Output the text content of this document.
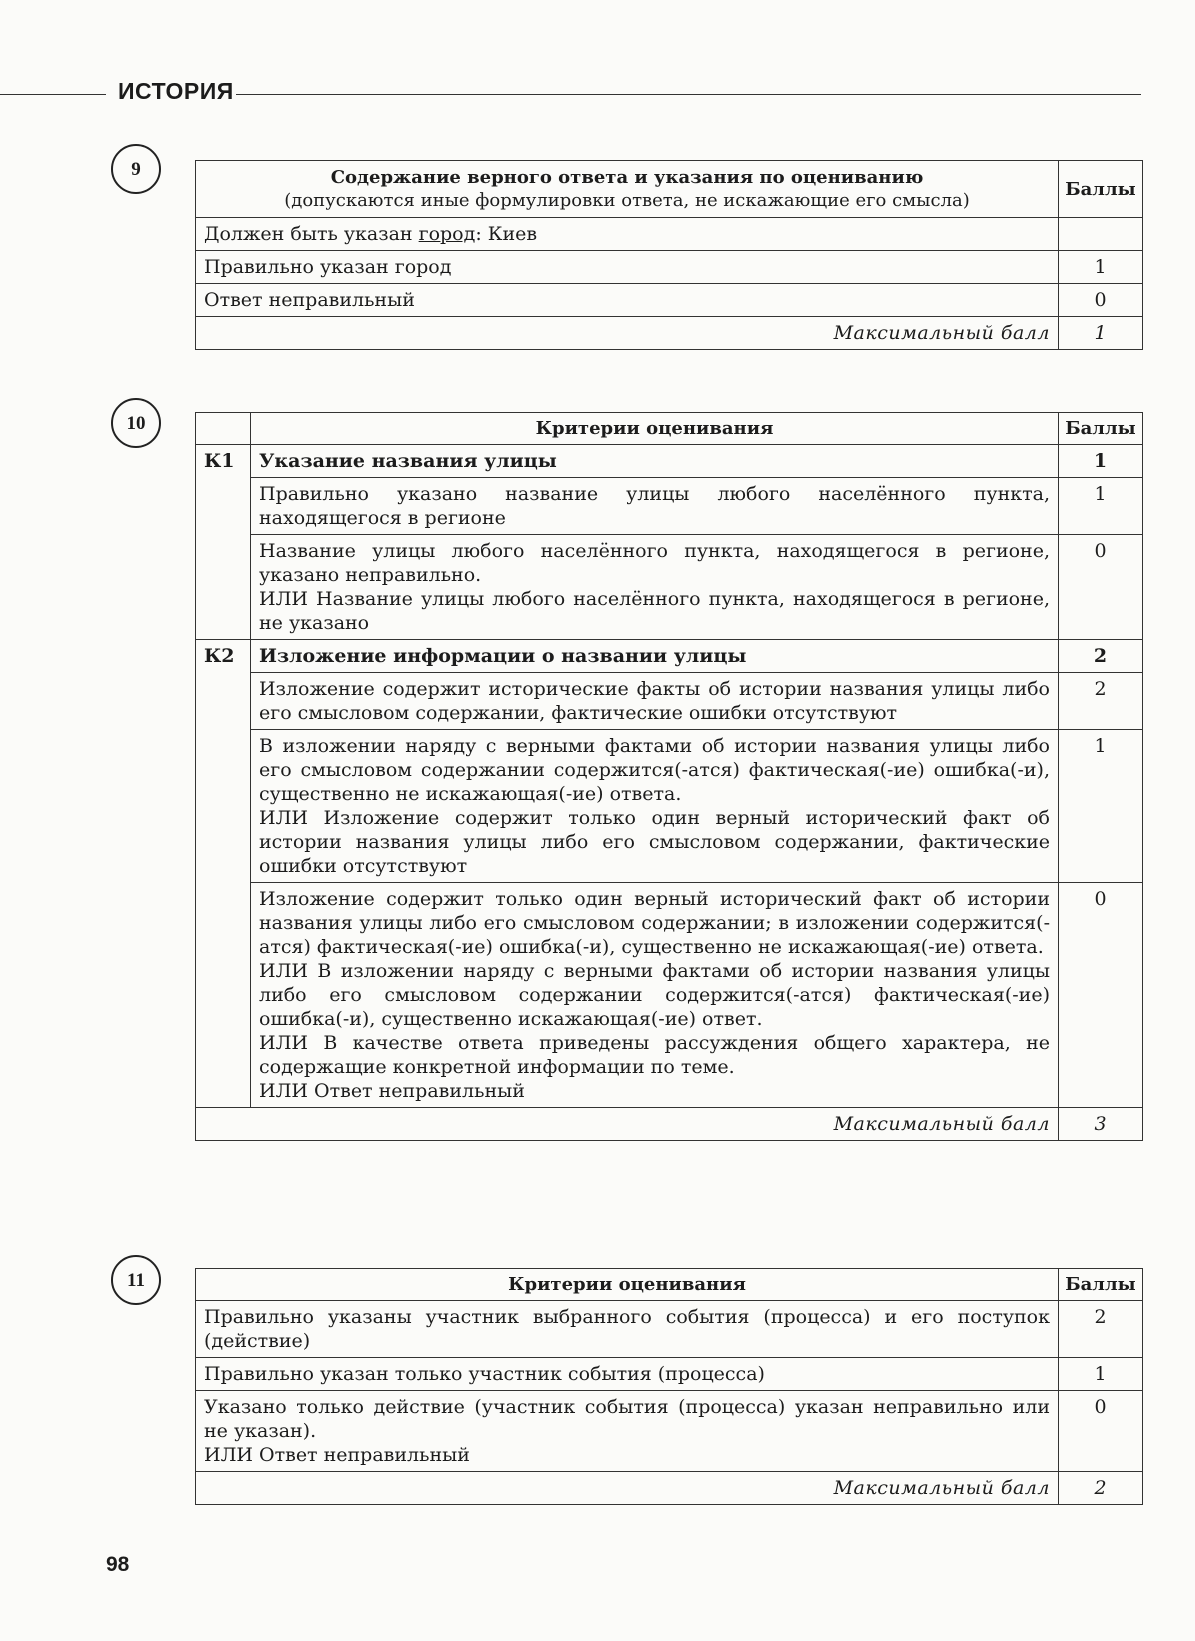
ИСТОРИЯ
9	Содержание верного ответа и указания по оцениванию
(допускаются иные формулировки ответа, не искажающие его смысла)	Баллы
Должен быть указан город: Киев	
Правильно указан город	1
Ответ неправильный	0
Максимальный балл	1
10
		Критерии оценивания	Баллы
К1	Указание названия улицы	1
	Правильно указано название улицы любого населённого пункта, находящегося в регионе	1
	Название улицы любого населённого пункта, находящегося в регионе, указано неправильно.
ИЛИ Название улицы любого населённого пункта, находящегося в регионе, не указано	0
К2	Изложение информации о названии улицы	2
	Изложение содержит исторические факты об истории названия улицы либо его смысловом содержании, фактические ошибки отсутствуют	2
	В изложении наряду с верными фактами об истории названия улицы либо его смысловом содержании содержится(-атся) фактическая(-ие) ошибка(-и), существенно не искажающая(-ие) ответа.
ИЛИ Изложение содержит только один верный исторический факт об истории названия улицы либо его смысловом содержании, фактические ошибки отсутствуют	1
	Изложение содержит только один верный исторический факт об истории названия улицы либо его смысловом содержании; в изложении содержится(-атся) фактическая(-ие) ошибка(-и), существенно не искажающая(-ие) ответа.
ИЛИ В изложении наряду с верными фактами об истории названия улицы либо его смысловом содержании содержится(-атся) фактическая(-ие) ошибка(-и), существенно искажающая(-ие) ответ.
ИЛИ В качестве ответа приведены рассуждения общего характера, не содержащие конкретной информации по теме.
ИЛИ Ответ неправильный	0
Максимальный балл		3
11	Критерии оценивания	Баллы
Правильно указаны участник выбранного события (процесса) и его поступок (действие)	2
Правильно указан только участник события (процесса)	1
Указано только действие (участник события (процесса) указан неправильно или не указан).
ИЛИ Ответ неправильный	0
Максимальный балл	2
98
